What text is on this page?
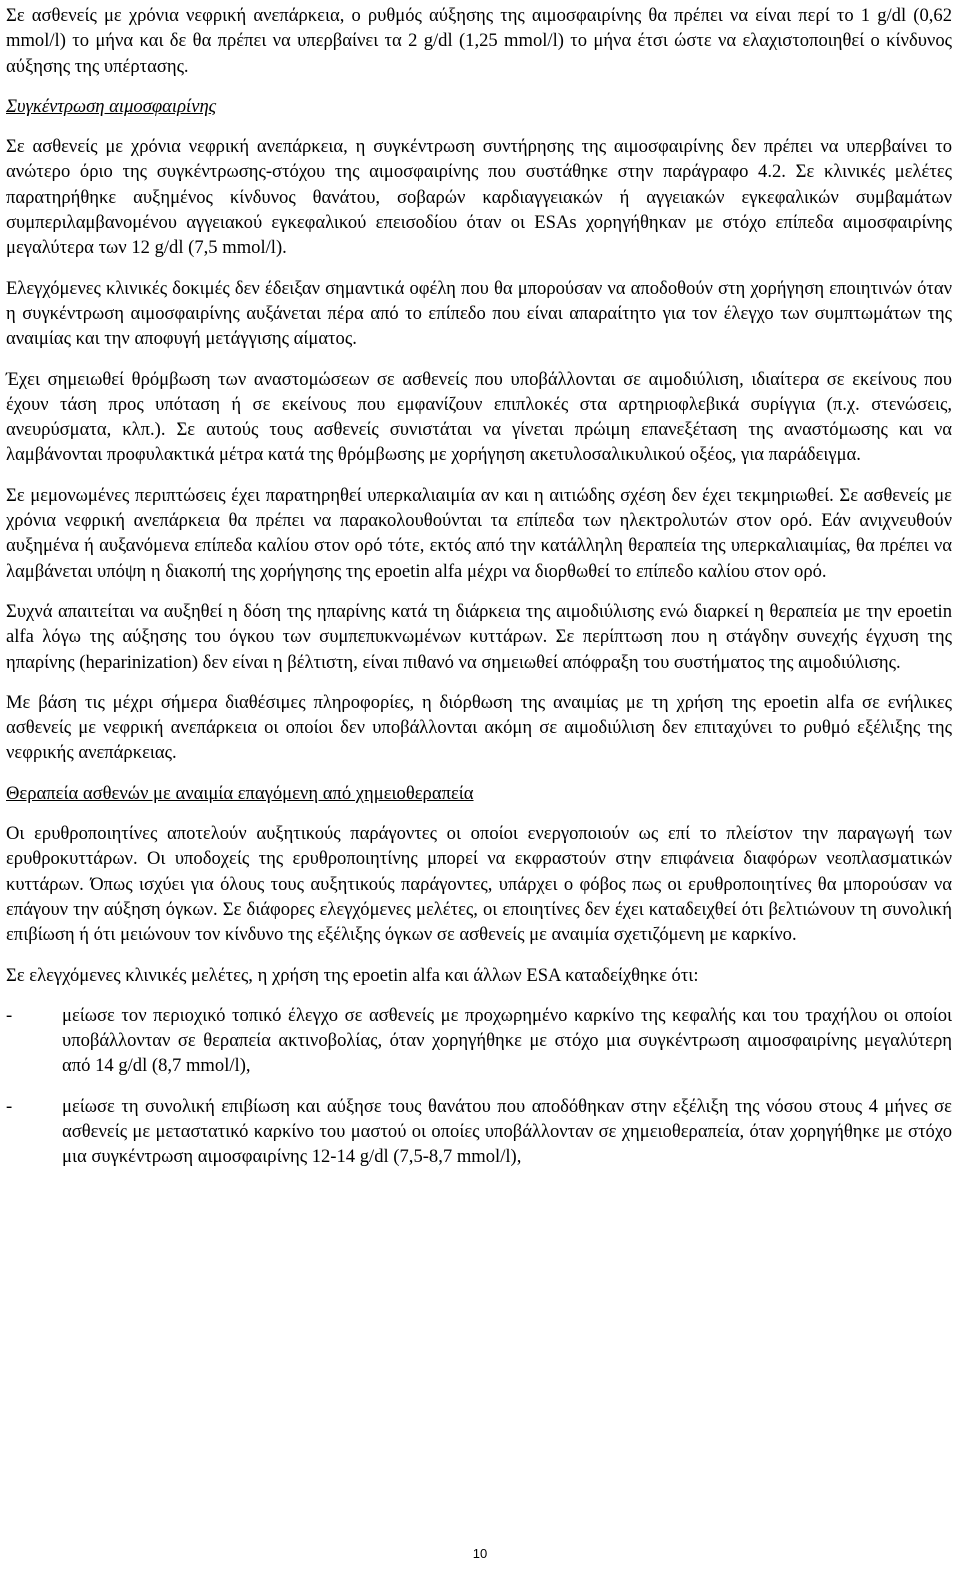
Σε ασθενείς με χρόνια νεφρική ανεπάρκεια, ο ρυθμός αύξησης της αιμοσφαιρίνης θα πρέπει να είναι περί το 1 g/dl (0,62 mmol/l) το μήνα και δε θα πρέπει να υπερβαίνει τα 2 g/dl (1,25 mmol/l) το μήνα έτσι ώστε να ελαχιστοποιηθεί ο κίνδυνος αύξησης της υπέρτασης.

Συγκέντρωση αιμοσφαιρίνης

Σε ασθενείς με χρόνια νεφρική ανεπάρκεια, η συγκέντρωση συντήρησης της αιμοσφαιρίνης δεν πρέπει να υπερβαίνει το ανώτερο όριο της συγκέντρωσης-στόχου της αιμοσφαιρίνης που συστάθηκε στην παράγραφο 4.2. Σε κλινικές μελέτες παρατηρήθηκε αυξημένος κίνδυνος θανάτου, σοβαρών καρδιαγγειακών ή αγγειακών εγκεφαλικών συμβαμάτων συμπεριλαμβανομένου αγγειακού εγκεφαλικού επεισοδίου όταν οι ESAs χορηγήθηκαν με στόχο επίπεδα αιμοσφαιρίνης μεγαλύτερα των 12 g/dl (7,5 mmol/l).

Ελεγχόμενες κλινικές δοκιμές δεν έδειξαν σημαντικά οφέλη που θα μπορούσαν να αποδοθούν στη χορήγηση εποιητινών όταν η συγκέντρωση αιμοσφαιρίνης αυξάνεται πέρα από το επίπεδο που είναι απαραίτητο για τον έλεγχο των συμπτωμάτων της αναιμίας και την αποφυγή μετάγγισης αίματος.

Έχει σημειωθεί θρόμβωση των αναστομώσεων σε ασθενείς που υποβάλλονται σε αιμοδιύλιση, ιδιαίτερα σε εκείνους που έχουν τάση προς υπόταση ή σε εκείνους που εμφανίζουν επιπλοκές στα αρτηριοφλεβικά συρίγγια (π.χ. στενώσεις, ανευρύσματα, κλπ.). Σε αυτούς τους ασθενείς συνιστάται να γίνεται πρώιμη επανεξέταση της αναστόμωσης και να λαμβάνονται προφυλακτικά μέτρα κατά της θρόμβωσης με χορήγηση ακετυλοσαλικυλικού οξέος, για παράδειγμα.

Σε μεμονωμένες περιπτώσεις έχει παρατηρηθεί υπερκαλιαιμία αν και η αιτιώδης σχέση δεν έχει τεκμηριωθεί. Σε ασθενείς με χρόνια νεφρική ανεπάρκεια θα πρέπει να παρακολουθούνται τα επίπεδα των ηλεκτρολυτών στον ορό. Εάν ανιχνευθούν αυξημένα ή αυξανόμενα επίπεδα καλίου στον ορό τότε, εκτός από την κατάλληλη θεραπεία της υπερκαλιαιμίας, θα πρέπει να λαμβάνεται υπόψη η διακοπή της χορήγησης της epoetin alfa μέχρι να διορθωθεί το επίπεδο καλίου στον ορό.

Συχνά απαιτείται να αυξηθεί η δόση της ηπαρίνης κατά τη διάρκεια της αιμοδιύλισης ενώ διαρκεί η θεραπεία με την epoetin alfa λόγω της αύξησης του όγκου των συμπεπυκνωμένων κυττάρων. Σε περίπτωση που η στάγδην συνεχής έγχυση της ηπαρίνης (heparinization) δεν είναι η βέλτιστη, είναι πιθανό να σημειωθεί απόφραξη του συστήματος της αιμοδιύλισης.

Με βάση τις μέχρι σήμερα διαθέσιμες πληροφορίες, η διόρθωση της αναιμίας με τη χρήση της epoetin alfa σε ενήλικες ασθενείς με νεφρική ανεπάρκεια οι οποίοι δεν υποβάλλονται ακόμη σε αιμοδιύλιση δεν επιταχύνει το ρυθμό εξέλιξης της νεφρικής ανεπάρκειας.

Θεραπεία ασθενών με αναιμία επαγόμενη από χημειοθεραπεία

Οι ερυθροποιητίνες αποτελούν αυξητικούς παράγοντες οι οποίοι ενεργοποιούν ως επί το πλείστον την παραγωγή των ερυθροκυττάρων. Οι υποδοχείς της ερυθροποιητίνης μπορεί να εκφραστούν στην επιφάνεια διαφόρων νεοπλασματικών κυττάρων. Όπως ισχύει για όλους τους αυξητικούς παράγοντες, υπάρχει ο φόβος πως οι ερυθροποιητίνες θα μπορούσαν να επάγουν την αύξηση όγκων. Σε διάφορες ελεγχόμενες μελέτες, οι εποιητίνες δεν έχει καταδειχθεί ότι βελτιώνουν τη συνολική επιβίωση ή ότι μειώνουν τον κίνδυνο της εξέλιξης όγκων σε ασθενείς με αναιμία σχετιζόμενη με καρκίνο.

Σε ελεγχόμενες κλινικές μελέτες, η χρήση της epoetin alfa και άλλων ESA καταδείχθηκε ότι:

-	μείωσε τον περιοχικό τοπικό έλεγχο σε ασθενείς με προχωρημένο καρκίνο της κεφαλής και του τραχήλου οι οποίοι υποβάλλονταν σε θεραπεία ακτινοβολίας, όταν χορηγήθηκε με στόχο μια συγκέντρωση αιμοσφαιρίνης μεγαλύτερη από 14 g/dl (8,7 mmol/l),
-	μείωσε τη συνολική επιβίωση και αύξησε τους θανάτου που αποδόθηκαν στην εξέλιξη της νόσου στους 4 μήνες σε ασθενείς με μεταστατικό καρκίνο του μαστού οι οποίες υποβάλλονταν σε χημειοθεραπεία, όταν χορηγήθηκε με στόχο μια συγκέντρωση αιμοσφαιρίνης 12-14 g/dl (7,5-8,7 mmol/l),
10
